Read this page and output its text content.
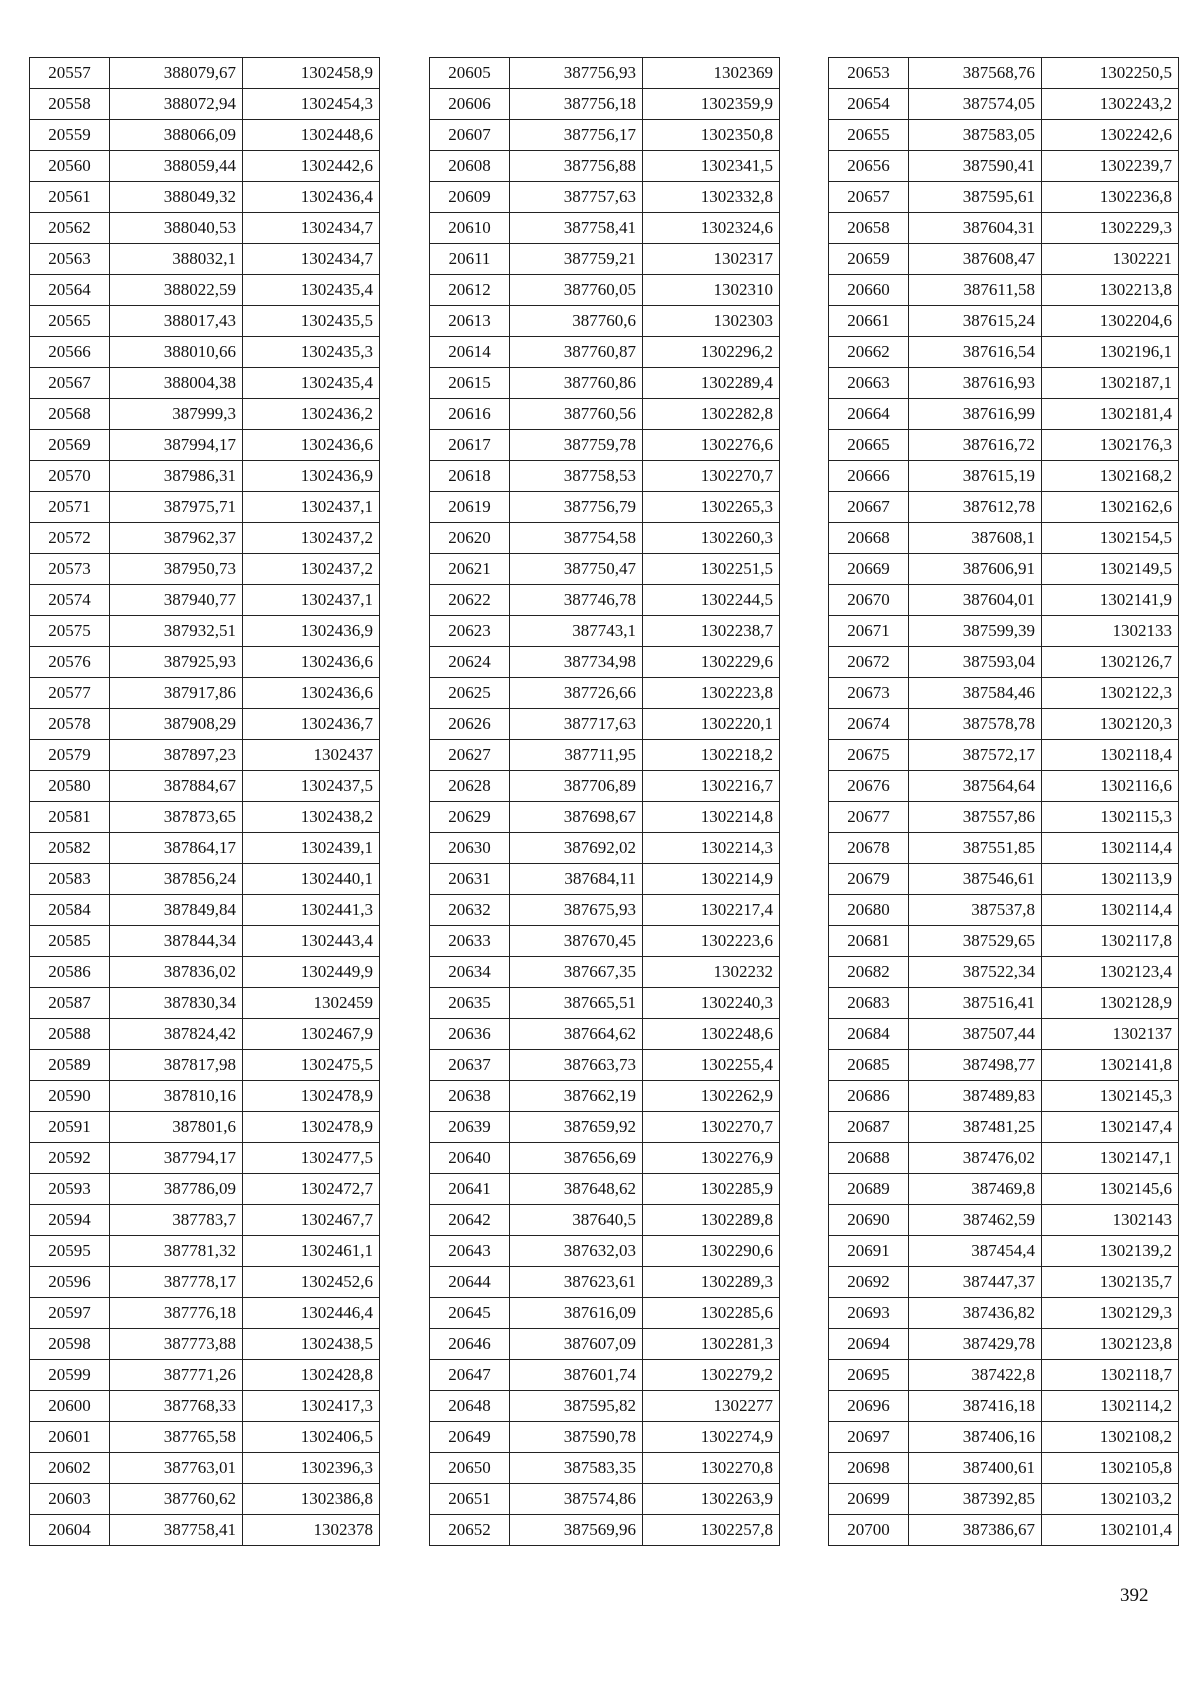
20557	388079,67	1302458,9
20558	388072,94	1302454,3
20559	388066,09	1302448,6
20560	388059,44	1302442,6
20561	388049,32	1302436,4
20562	388040,53	1302434,7
20563	388032,1	1302434,7
20564	388022,59	1302435,4
20565	388017,43	1302435,5
20566	388010,66	1302435,3
20567	388004,38	1302435,4
20568	387999,3	1302436,2
20569	387994,17	1302436,6
20570	387986,31	1302436,9
20571	387975,71	1302437,1
20572	387962,37	1302437,2
20573	387950,73	1302437,2
20574	387940,77	1302437,1
20575	387932,51	1302436,9
20576	387925,93	1302436,6
20577	387917,86	1302436,6
20578	387908,29	1302436,7
20579	387897,23	1302437
20580	387884,67	1302437,5
20581	387873,65	1302438,2
20582	387864,17	1302439,1
20583	387856,24	1302440,1
20584	387849,84	1302441,3
20585	387844,34	1302443,4
20586	387836,02	1302449,9
20587	387830,34	1302459
20588	387824,42	1302467,9
20589	387817,98	1302475,5
20590	387810,16	1302478,9
20591	387801,6	1302478,9
20592	387794,17	1302477,5
20593	387786,09	1302472,7
20594	387783,7	1302467,7
20595	387781,32	1302461,1
20596	387778,17	1302452,6
20597	387776,18	1302446,4
20598	387773,88	1302438,5
20599	387771,26	1302428,8
20600	387768,33	1302417,3
20601	387765,58	1302406,5
20602	387763,01	1302396,3
20603	387760,62	1302386,8
20604	387758,41	1302378
20605	387756,93	1302369
20606	387756,18	1302359,9
20607	387756,17	1302350,8
20608	387756,88	1302341,5
20609	387757,63	1302332,8
20610	387758,41	1302324,6
20611	387759,21	1302317
20612	387760,05	1302310
20613	387760,6	1302303
20614	387760,87	1302296,2
20615	387760,86	1302289,4
20616	387760,56	1302282,8
20617	387759,78	1302276,6
20618	387758,53	1302270,7
20619	387756,79	1302265,3
20620	387754,58	1302260,3
20621	387750,47	1302251,5
20622	387746,78	1302244,5
20623	387743,1	1302238,7
20624	387734,98	1302229,6
20625	387726,66	1302223,8
20626	387717,63	1302220,1
20627	387711,95	1302218,2
20628	387706,89	1302216,7
20629	387698,67	1302214,8
20630	387692,02	1302214,3
20631	387684,11	1302214,9
20632	387675,93	1302217,4
20633	387670,45	1302223,6
20634	387667,35	1302232
20635	387665,51	1302240,3
20636	387664,62	1302248,6
20637	387663,73	1302255,4
20638	387662,19	1302262,9
20639	387659,92	1302270,7
20640	387656,69	1302276,9
20641	387648,62	1302285,9
20642	387640,5	1302289,8
20643	387632,03	1302290,6
20644	387623,61	1302289,3
20645	387616,09	1302285,6
20646	387607,09	1302281,3
20647	387601,74	1302279,2
20648	387595,82	1302277
20649	387590,78	1302274,9
20650	387583,35	1302270,8
20651	387574,86	1302263,9
20652	387569,96	1302257,8
20653	387568,76	1302250,5
20654	387574,05	1302243,2
20655	387583,05	1302242,6
20656	387590,41	1302239,7
20657	387595,61	1302236,8
20658	387604,31	1302229,3
20659	387608,47	1302221
20660	387611,58	1302213,8
20661	387615,24	1302204,6
20662	387616,54	1302196,1
20663	387616,93	1302187,1
20664	387616,99	1302181,4
20665	387616,72	1302176,3
20666	387615,19	1302168,2
20667	387612,78	1302162,6
20668	387608,1	1302154,5
20669	387606,91	1302149,5
20670	387604,01	1302141,9
20671	387599,39	1302133
20672	387593,04	1302126,7
20673	387584,46	1302122,3
20674	387578,78	1302120,3
20675	387572,17	1302118,4
20676	387564,64	1302116,6
20677	387557,86	1302115,3
20678	387551,85	1302114,4
20679	387546,61	1302113,9
20680	387537,8	1302114,4
20681	387529,65	1302117,8
20682	387522,34	1302123,4
20683	387516,41	1302128,9
20684	387507,44	1302137
20685	387498,77	1302141,8
20686	387489,83	1302145,3
20687	387481,25	1302147,4
20688	387476,02	1302147,1
20689	387469,8	1302145,6
20690	387462,59	1302143
20691	387454,4	1302139,2
20692	387447,37	1302135,7
20693	387436,82	1302129,3
20694	387429,78	1302123,8
20695	387422,8	1302118,7
20696	387416,18	1302114,2
20697	387406,16	1302108,2
20698	387400,61	1302105,8
20699	387392,85	1302103,2
20700	387386,67	1302101,4
392
